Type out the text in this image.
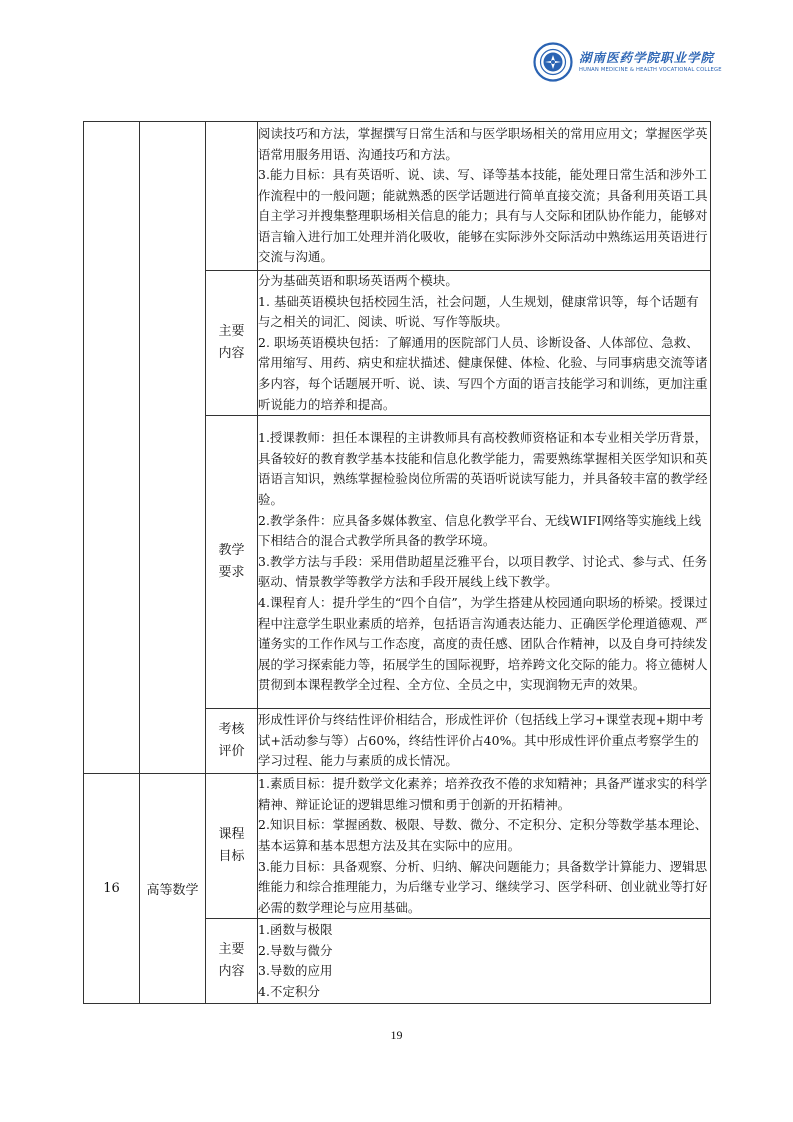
湖南医药学院职业学院
HUNAN MEDICINE & HEALTH VOCATIONAL COLLEGE

			阅读技巧和方法，掌握撰写日常生活和与医学职场相关的常用应用文；掌握医学英语常用服务用语、沟通技巧和方法。
3.能力目标：具有英语听、说、读、写、译等基本技能，能处理日常生活和涉外工作流程中的一般问题；能就熟悉的医学话题进行简单直接交流；具备利用英语工具自主学习并搜集整理职场相关信息的能力；具有与人交际和团队协作能力，能够对语言输入进行加工处理并消化吸收，能够在实际涉外交际活动中熟练运用英语进行交流与沟通。

		主要内容	分为基础英语和职场英语两个模块。
1. 基础英语模块包括校园生活，社会问题，人生规划，健康常识等，每个话题有与之相关的词汇、阅读、听说、写作等版块。
2. 职场英语模块包括：了解通用的医院部门人员、诊断设备、人体部位、急救、常用缩写、用药、病史和症状描述、健康保健、体检、化验、与同事病患交流等诸多内容，每个话题展开听、说、读、写四个方面的语言技能学习和训练，更加注重听说能力的培养和提高。

		教学要求	1.授课教师：担任本课程的主讲教师具有高校教师资格证和本专业相关学历背景，具备较好的教育教学基本技能和信息化教学能力，需要熟练掌握相关医学知识和英语语言知识，熟练掌握检验岗位所需的英语听说读写能力，并具备较丰富的教学经验。
2.教学条件：应具备多媒体教室、信息化教学平台、无线WIFI网络等实施线上线下相结合的混合式教学所具备的教学环境。
3.教学方法与手段：采用借助超星泛雅平台，以项目教学、讨论式、参与式、任务驱动、情景教学等教学方法和手段开展线上线下教学。
4.课程育人：提升学生的“四个自信”，为学生搭建从校园通向职场的桥梁。授课过程中注意学生职业素质的培养，包括语言沟通表达能力、正确医学伦理道德观、严谨务实的工作作风与工作态度，高度的责任感、团队合作精神，以及自身可持续发展的学习探索能力等，拓展学生的国际视野，培养跨文化交际的能力。将立德树人贯彻到本课程教学全过程、全方位、全员之中，实现润物无声的效果。

		考核评价	形成性评价与终结性评价相结合，形成性评价（包括线上学习+课堂表现+期中考试+活动参与等）占60%，终结性评价占40%。其中形成性评价重点考察学生的学习过程、能力与素质的成长情况。

16	高等数学	课程目标	1.素质目标：提升数学文化素养；培养孜孜不倦的求知精神；具备严谨求实的科学精神、辩证论证的逻辑思维习惯和勇于创新的开拓精神。
2.知识目标：掌握函数、极限、导数、微分、不定积分、定积分等数学基本理论、基本运算和基本思想方法及其在实际中的应用。
3.能力目标：具备观察、分析、归纳、解决问题能力；具备数学计算能力、逻辑思维能力和综合推理能力，为后继专业学习、继续学习、医学科研、创业就业等打好必需的数学理论与应用基础。

		主要内容	1.函数与极限
2.导数与微分
3.导数的应用
4.不定积分
19
